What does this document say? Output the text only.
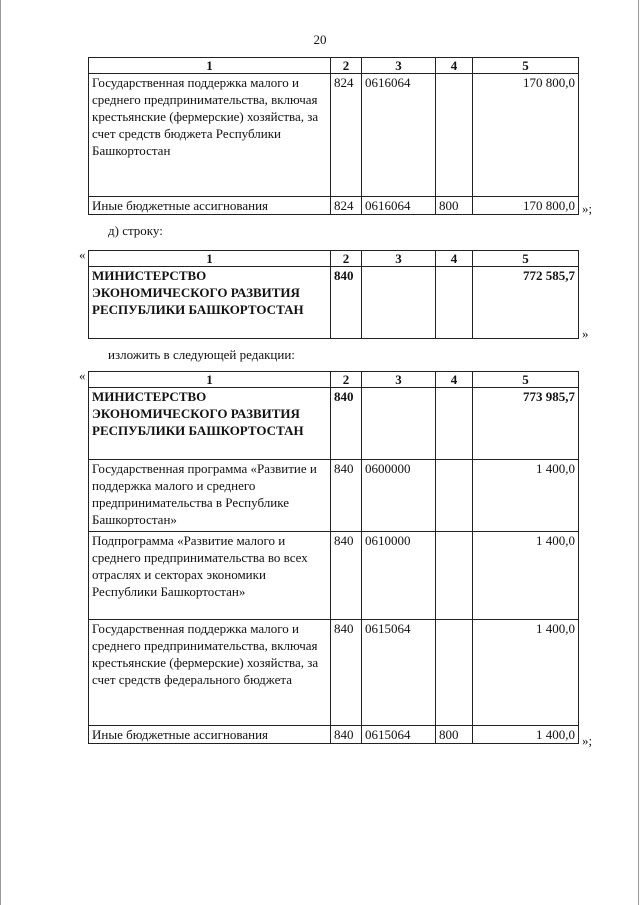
20
1	2	3	4	5
Государственная поддержка малого и среднего предпринимательства, включая крестьянские (фермерские) хозяйства, за счет средств бюджета Республики Башкортостан	824	0616064		170 800,0
Иные бюджетные ассигнования	824	0616064	800	170 800,0 »;
д) строку:
«	1	2	3	4	5
МИНИСТЕРСТВО ЭКОНОМИЧЕСКОГО РАЗВИТИЯ РЕСПУБЛИКИ БАШКОРТОСТАН	840			772 585,7
»
изложить в следующей редакции:
«	1	2	3	4	5
МИНИСТЕРСТВО ЭКОНОМИЧЕСКОГО РАЗВИТИЯ РЕСПУБЛИКИ БАШКОРТОСТАН	840			773 985,7
Государственная программа «Развитие и поддержка малого и среднего предпринимательства в Республике Башкортостан»	840	0600000		1 400,0
Подпрограмма «Развитие малого и среднего предпринимательства во всех отраслях и секторах экономики Республики Башкортостан»	840	0610000		1 400,0
Государственная поддержка малого и среднего предпринимательства, включая крестьянские (фермерские) хозяйства, за счет средств федерального бюджета	840	0615064		1 400,0
Иные бюджетные ассигнования	840	0615064	800	1 400,0 »;
